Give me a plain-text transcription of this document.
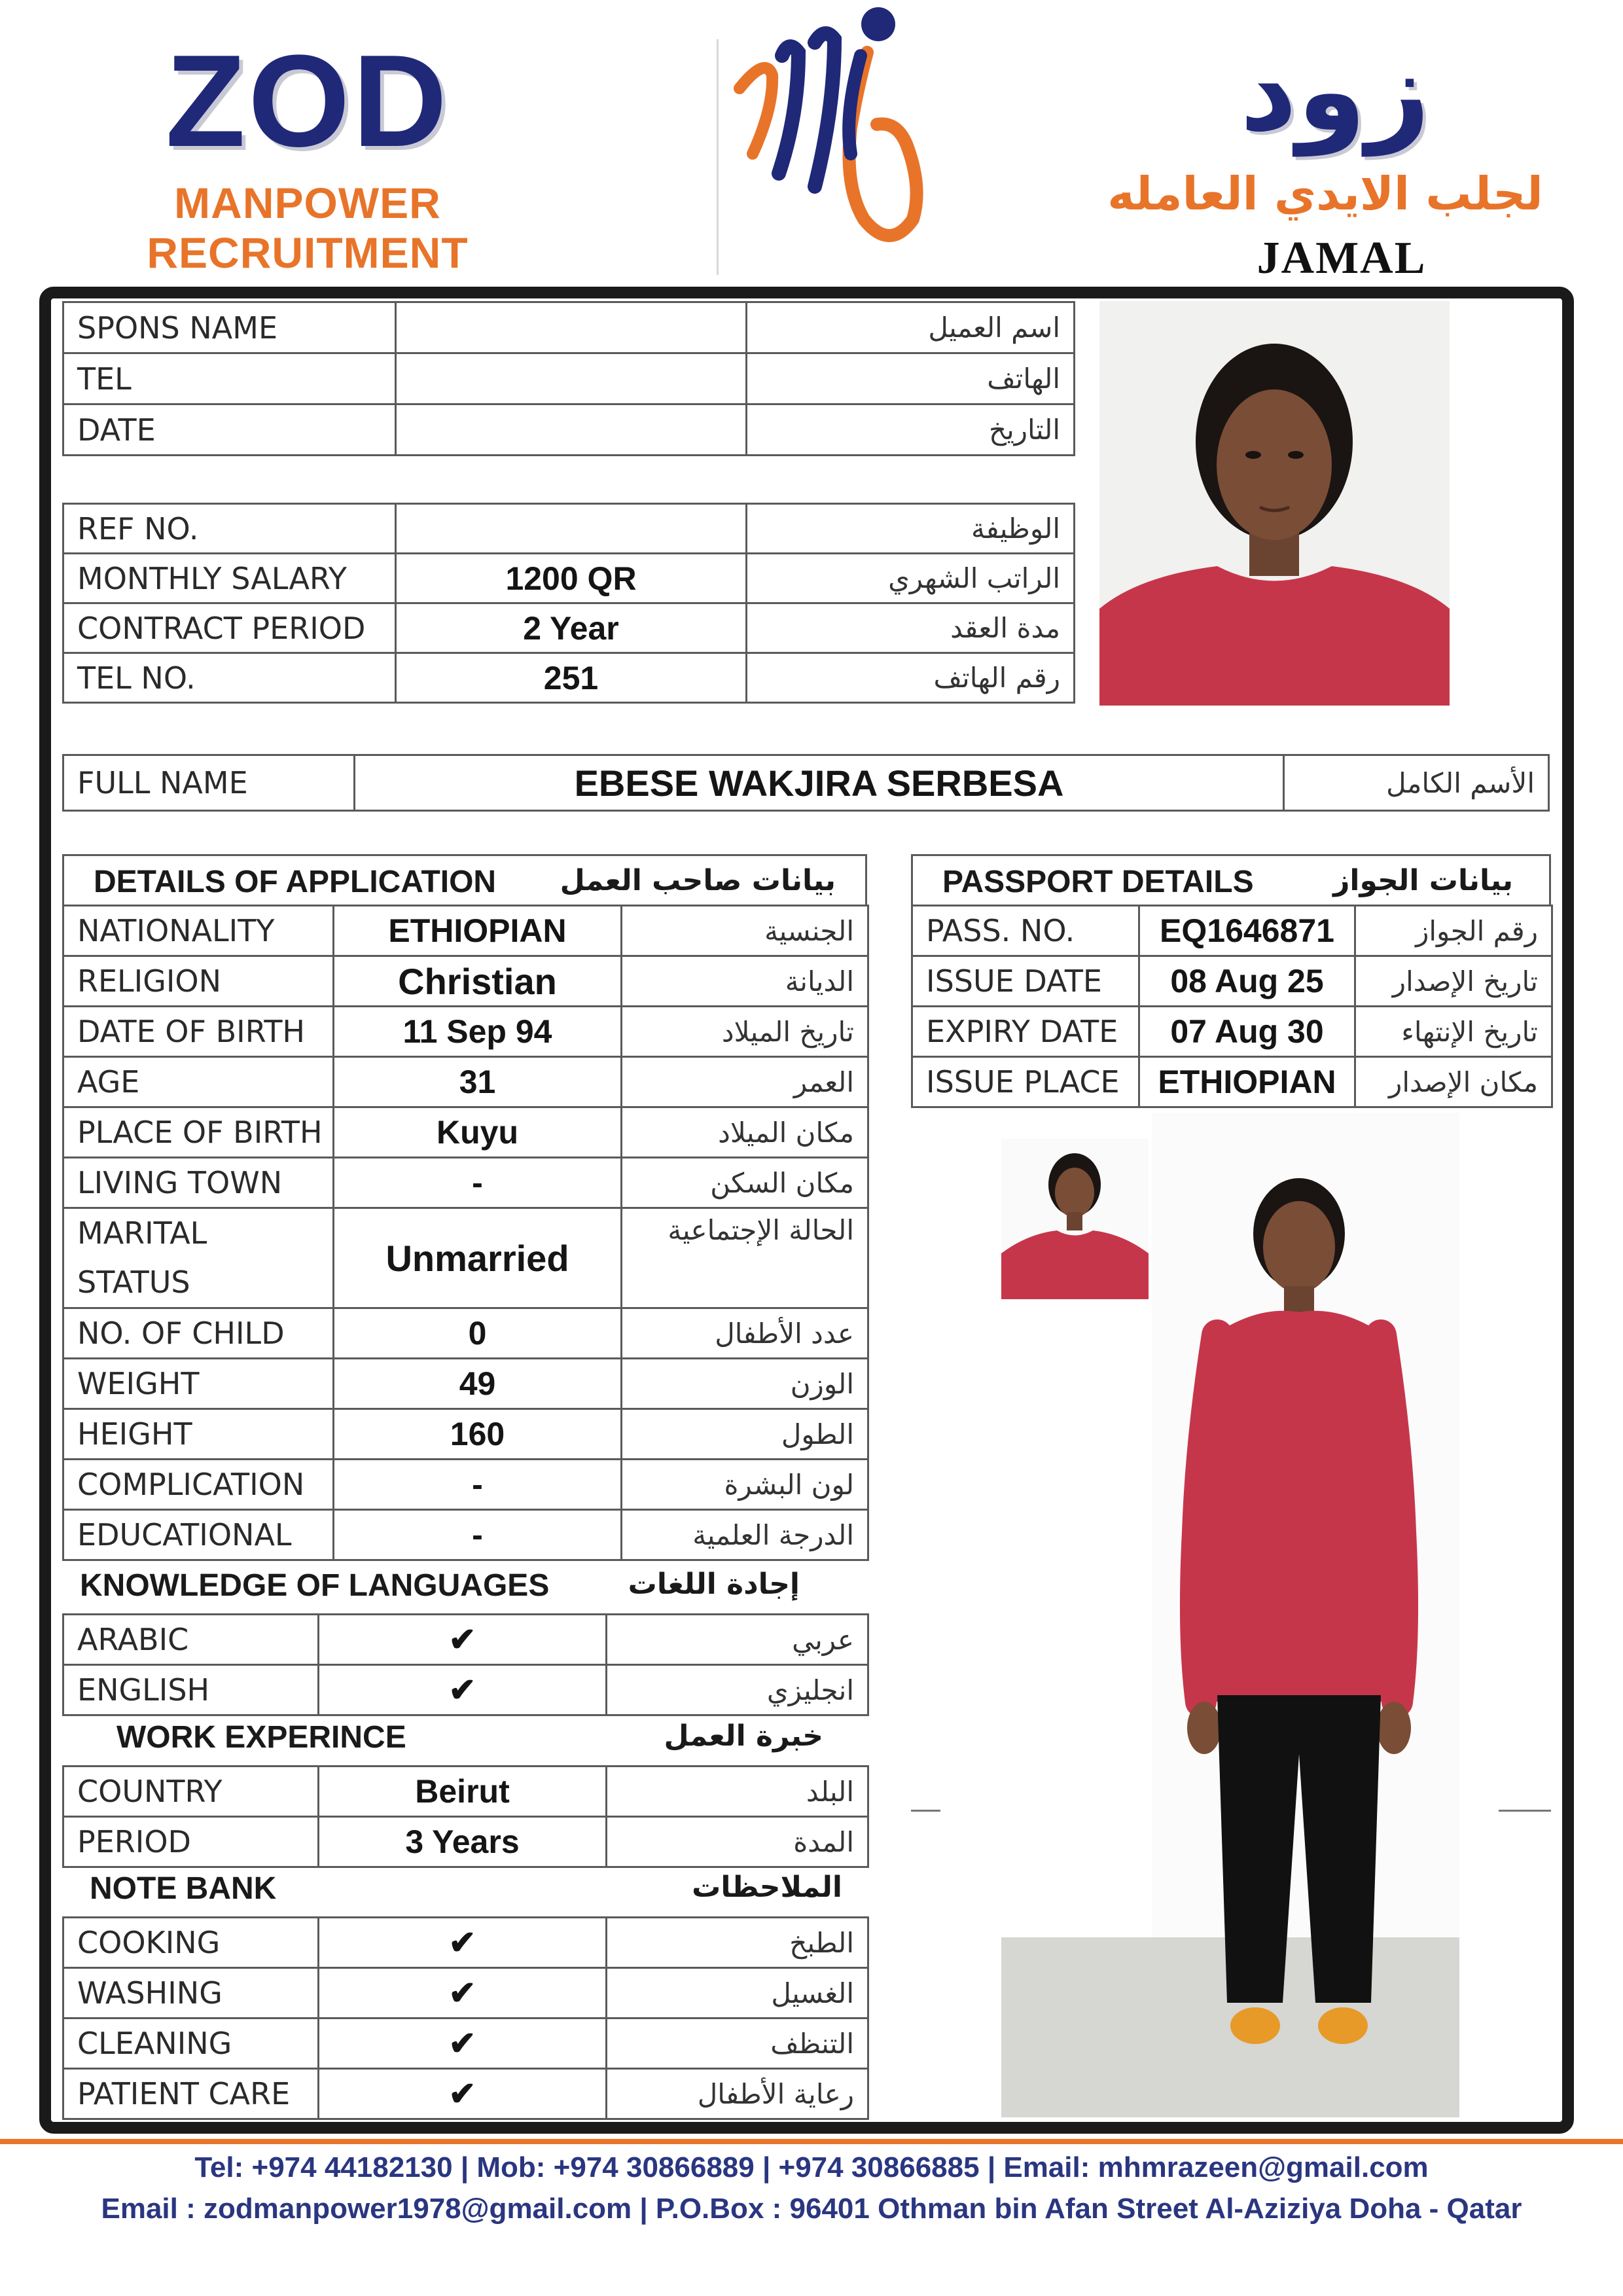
ZOD
MANPOWER RECRUITMENT
زود
لجلب الايدي العامله
JAMAL
SPONS NAME		اسم العميل
TEL		الهاتف
DATE		التاريخ
REF NO.		الوظيفة
MONTHLY SALARY	1200 QR	الراتب الشهري
CONTRACT PERIOD	2 Year	مدة العقد
TEL NO.	251	رقم الهاتف
FULL NAME	EBESE WAKJIRA SERBESA	الأسم الكامل
DETAILS OF APPLICATION بيانات صاحب العمل
NATIONALITY	ETHIOPIAN	الجنسية
RELIGION	Christian	الديانة
DATE OF BIRTH	11 Sep 94	تاريخ الميلاد
AGE	31	العمر
PLACE OF BIRTH	Kuyu	مكان الميلاد
LIVING TOWN	-	مكان السكن

MARITAL
STATUS	Unmarried	الحالة الإجتماعية
NO. OF CHILD	0	عدد الأطفال
WEIGHT	49	الوزن
HEIGHT	160	الطول
COMPLICATION	-	لون البشرة
EDUCATIONAL	-	الدرجة العلمية
KNOWLEDGE OF LANGUAGES	إجادة اللغات
ARABIC	✔	عربي
ENGLISH	✔	انجليزي
WORK EXPERINCE	خبرة العمل
COUNTRY	Beirut	البلد
PERIOD	3 Years	المدة
NOTE BANK	الملاحظات
COOKING	✔	الطبخ
WASHING	✔	الغسيل
CLEANING	✔	التنظف
PATIENT CARE	✔	رعاية الأطفال
PASSPORT DETAILS	بيانات الجواز
PASS. NO.	EQ1646871	رقم الجواز
ISSUE DATE	08 Aug 25	تاريخ الإصدار
EXPIRY DATE	07 Aug 30	تاريخ الإنتهاء
ISSUE PLACE	ETHIOPIAN	مكان الإصدار
Tel: +974 44182130 | Mob: +974 30866889 | +974 30866885 | Email: mhmrazeen@gmail.com
Email : zodmanpower1978@gmail.com | P.O.Box : 96401 Othman bin Afan Street Al-Aziziya Doha - Qatar
